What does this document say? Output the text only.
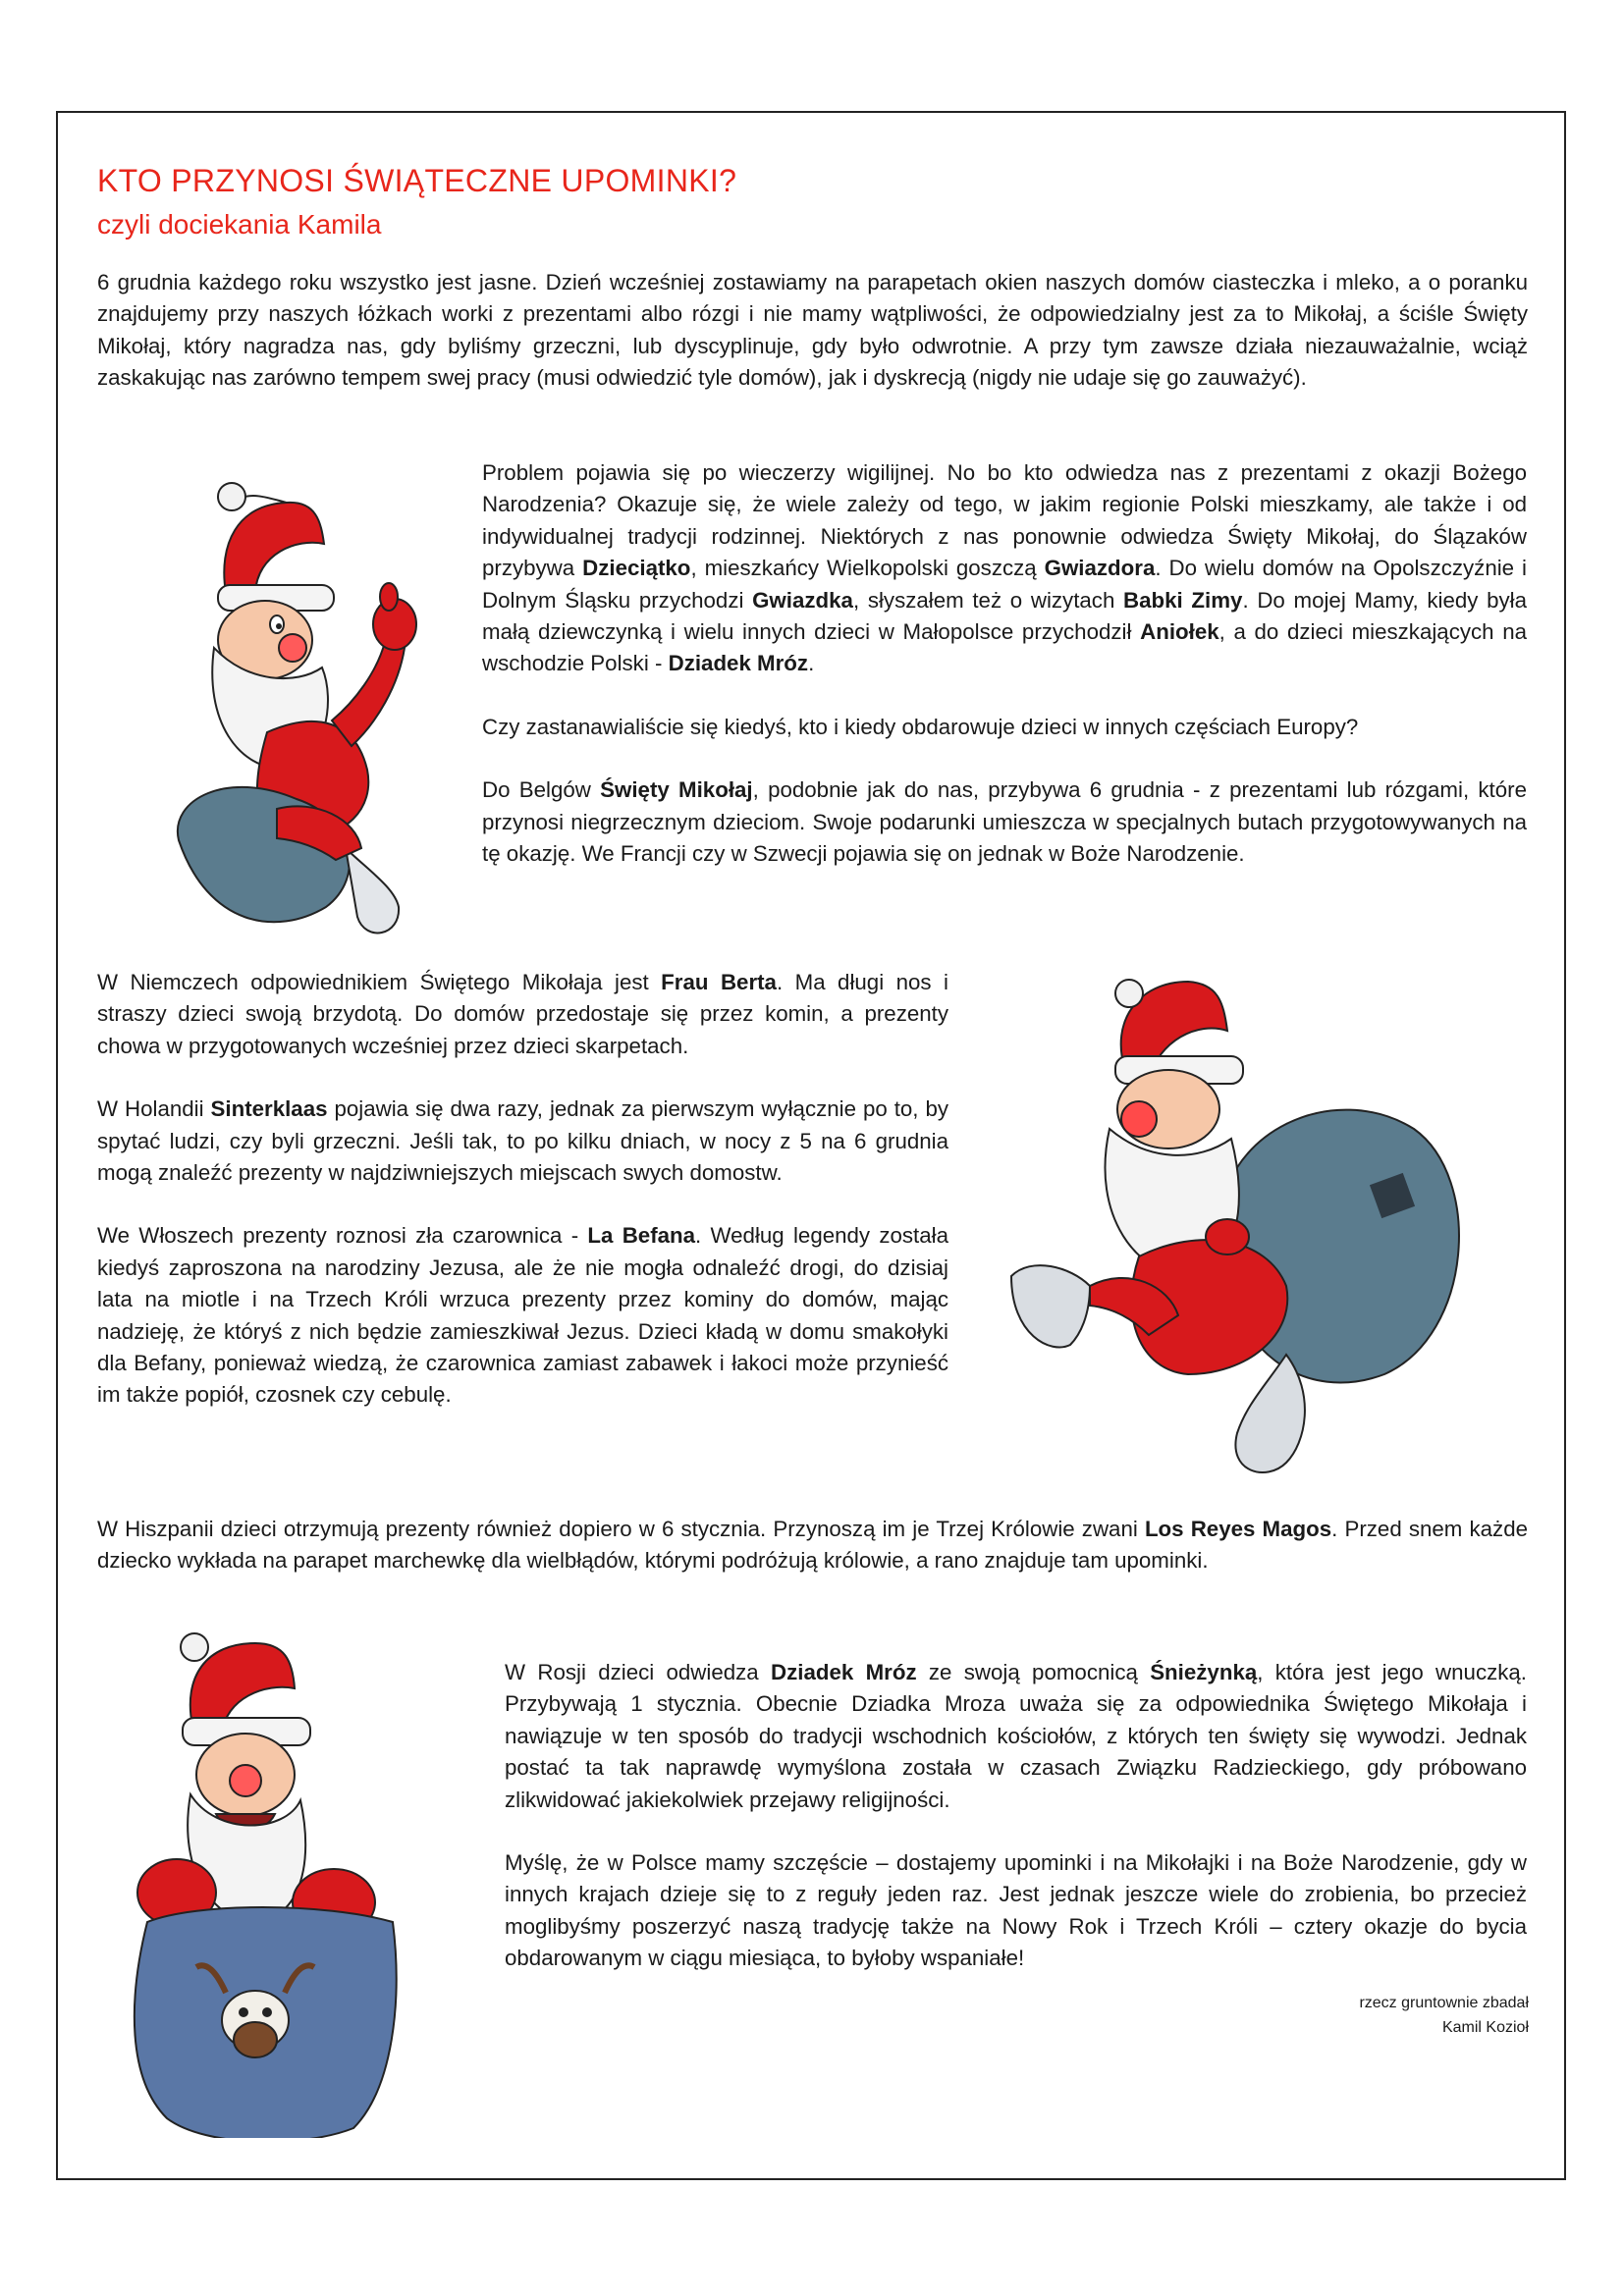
KTO PRZYNOSI ŚWIĄTECZNE UPOMINKI?
czyli dociekania Kamila

6 grudnia każdego roku wszystko jest jasne. Dzień wcześniej zostawiamy na parapetach okien naszych domów ciasteczka i mleko, a o poranku znajdujemy przy naszych łóżkach worki z prezentami albo rózgi i nie mamy wątpliwości, że odpowiedzialny jest za to Mikołaj, a ściśle Święty Mikołaj, który nagradza nas, gdy byliśmy grzeczni, lub dyscyplinuje, gdy było odwrotnie. A przy tym zawsze działa niezauważalnie, wciąż zaskakując nas zarówno tempem swej pracy (musi odwiedzić tyle domów), jak i dyskrecją (nigdy nie udaje się go zauważyć).

Problem pojawia się po wieczerzy wigilijnej. No bo kto odwiedza nas z prezentami z okazji Bożego Narodzenia? Okazuje się, że wiele zależy od tego, w jakim regionie Polski mieszkamy, ale także i od indywidualnej tradycji rodzinnej. Niektórych z nas ponownie odwiedza Święty Mikołaj, do Ślązaków przybywa Dzieciątko, mieszkańcy Wielkopolski goszczą Gwiazdora. Do wielu domów na Opolszczyźnie i Dolnym Śląsku przychodzi Gwiazdka, słyszałem też o wizytach Babki Zimy. Do mojej Mamy, kiedy była małą dziewczynką i wielu innych dzieci w Małopolsce przychodził Aniołek, a do dzieci mieszkających na wschodzie Polski - Dziadek Mróz.

Czy zastanawialiście się kiedyś, kto i kiedy obdarowuje dzieci w innych częściach Europy?

Do Belgów Święty Mikołaj, podobnie jak do nas, przybywa 6 grudnia - z prezentami lub rózgami, które przynosi niegrzecznym dzieciom. Swoje podarunki umieszcza w specjalnych butach przygotowywanych na tę okazję. We Francji czy w Szwecji pojawia się on jednak w Boże Narodzenie.

W Niemczech odpowiednikiem Świętego Mikołaja jest Frau Berta. Ma długi nos i straszy dzieci swoją brzydotą. Do domów przedostaje się przez komin, a prezenty chowa w przygotowanych wcześniej przez dzieci skarpetach.

W Holandii Sinterklaas pojawia się dwa razy, jednak za pierwszym wyłącznie po to, by spytać ludzi, czy byli grzeczni. Jeśli tak, to po kilku dniach, w nocy z 5 na 6 grudnia mogą znaleźć prezenty w najdziwniejszych miejscach swych domostw.

We Włoszech prezenty roznosi zła czarownica - La Befana. Według legendy została kiedyś zaproszona na narodziny Jezusa, ale że nie mogła odnaleźć drogi, do dzisiaj lata na miotle i na Trzech Króli wrzuca prezenty przez kominy do domów, mając nadzieję, że któryś z nich będzie zamieszkiwał Jezus. Dzieci kładą w domu smakołyki dla Befany, ponieważ wiedzą, że czarownica zamiast zabawek i łakoci może przynieść im także popiół, czosnek czy cebulę.

W Hiszpanii dzieci otrzymują prezenty również dopiero w 6 stycznia. Przynoszą im je Trzej Królowie zwani Los Reyes Magos. Przed snem każde dziecko wykłada na parapet marchewkę dla wielbłądów, którymi podróżują królowie, a rano znajduje tam upominki.

W Rosji dzieci odwiedza Dziadek Mróz ze swoją pomocnicą Śnieżynką, która jest jego wnuczką. Przybywają 1 stycznia. Obecnie Dziadka Mroza uważa się za odpowiednika Świętego Mikołaja i nawiązuje w ten sposób do tradycji wschodnich kościołów, z których ten święty się wywodzi. Jednak postać ta tak naprawdę wymyślona została w czasach Związku Radzieckiego, gdy próbowano zlikwidować jakiekolwiek przejawy religijności.

Myślę, że w Polsce mamy szczęście – dostajemy upominki i na Mikołajki i na Boże Narodzenie, gdy w innych krajach dzieje się to z reguły jeden raz. Jest jednak jeszcze wiele do zrobienia, bo przecież moglibyśmy poszerzyć naszą tradycję także na Nowy Rok i Trzech Króli – cztery okazje do bycia obdarowanym w ciągu miesiąca, to byłoby wspaniałe!

rzecz gruntownie zbadał
Kamil Kozioł
